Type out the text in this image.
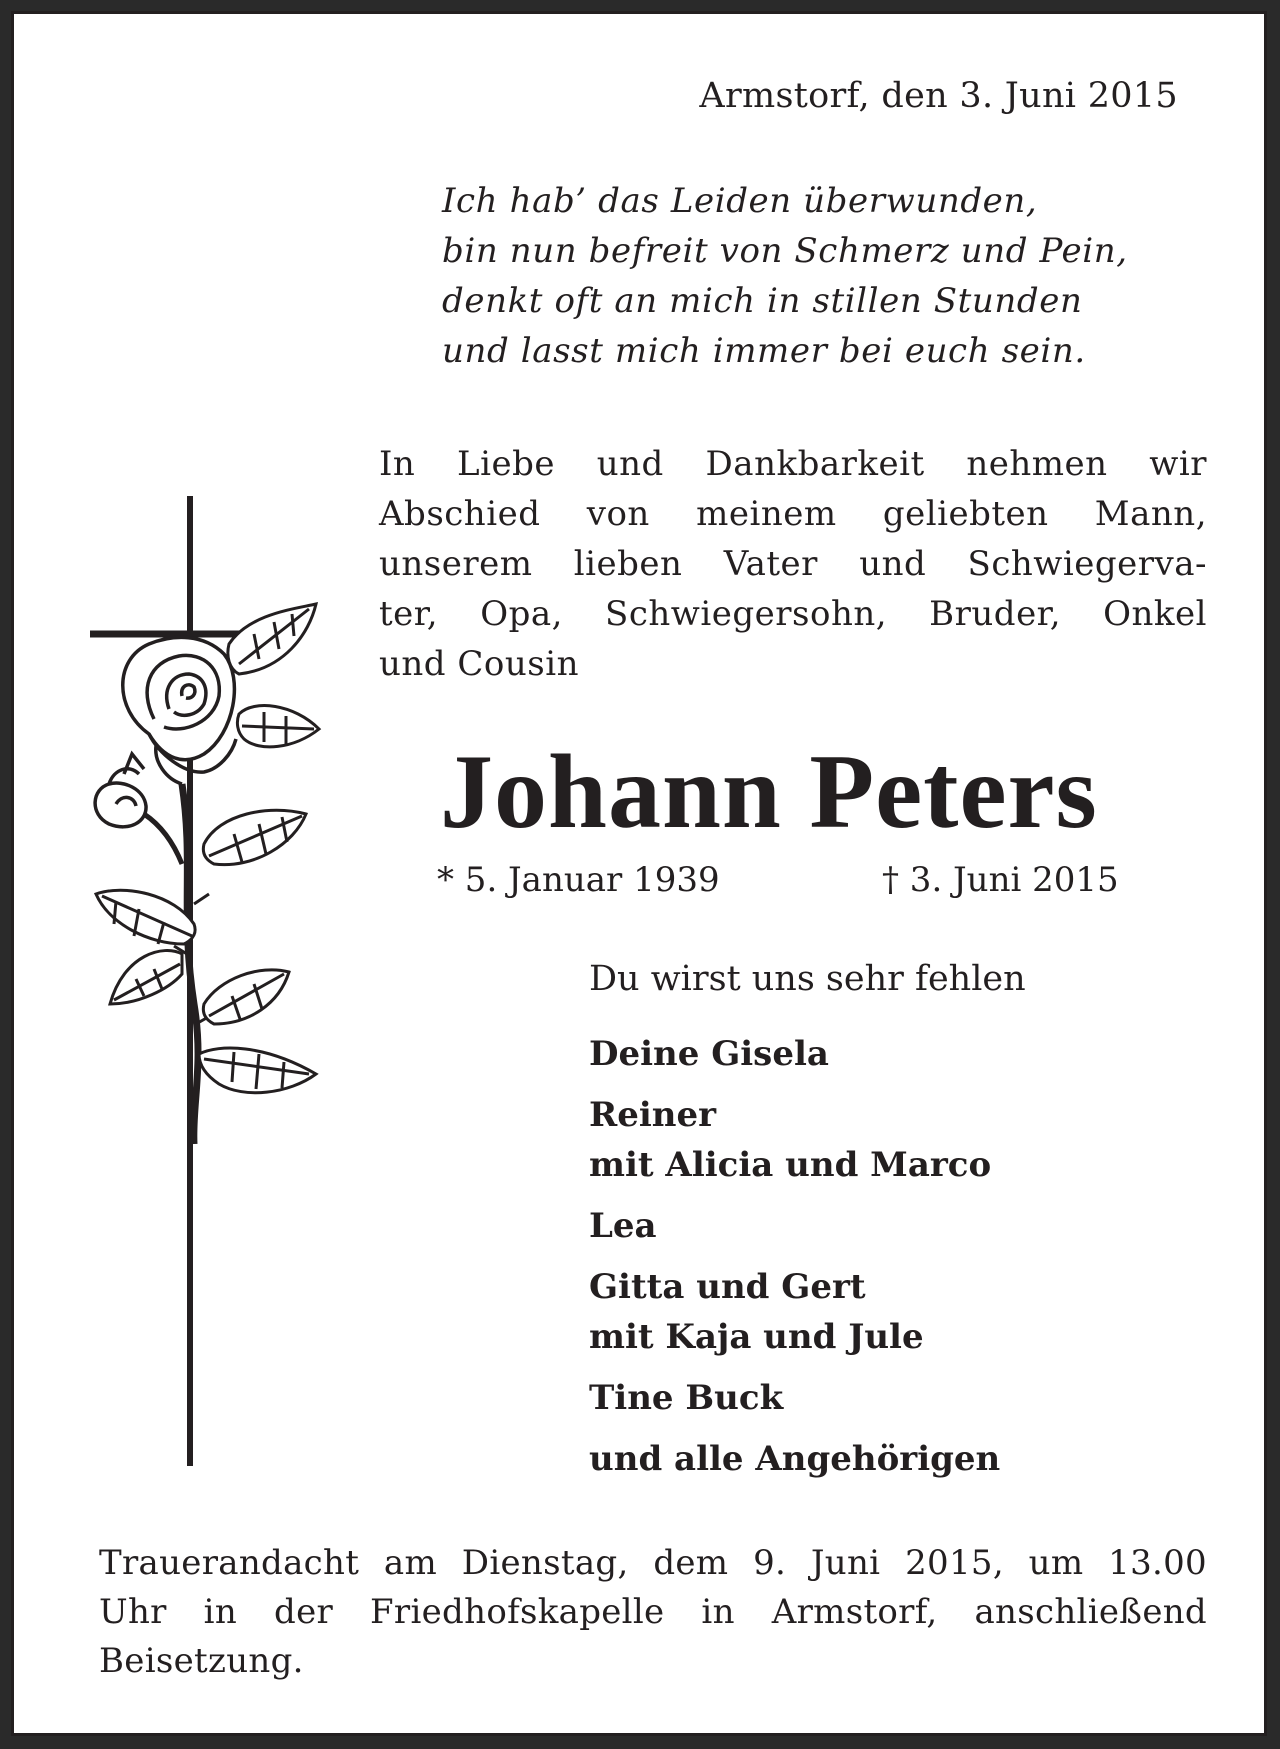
Armstorf, den 3. Juni 2015
Ich hab’ das Leiden überwunden,
bin nun befreit von Schmerz und Pein,
denkt oft an mich in stillen Stunden
und lasst mich immer bei euch sein.
In Liebe und Dankbarkeit nehmen wir
Abschied von meinem geliebten Mann,
unserem lieben Vater und Schwiegerva-
ter, Opa, Schwiegersohn, Bruder, Onkel
und Cousin
Johann Peters
* 5. Januar 1939	† 3. Juni 2015
Du wirst uns sehr fehlen
Deine Gisela
Reiner
mit Alicia und Marco
Lea
Gitta und Gert
mit Kaja und Jule
Tine Buck
und alle Angehörigen
Trauerandacht am Dienstag, dem 9. Juni 2015, um 13.00
Uhr in der Friedhofskapelle in Armstorf, anschließend
Beisetzung.
